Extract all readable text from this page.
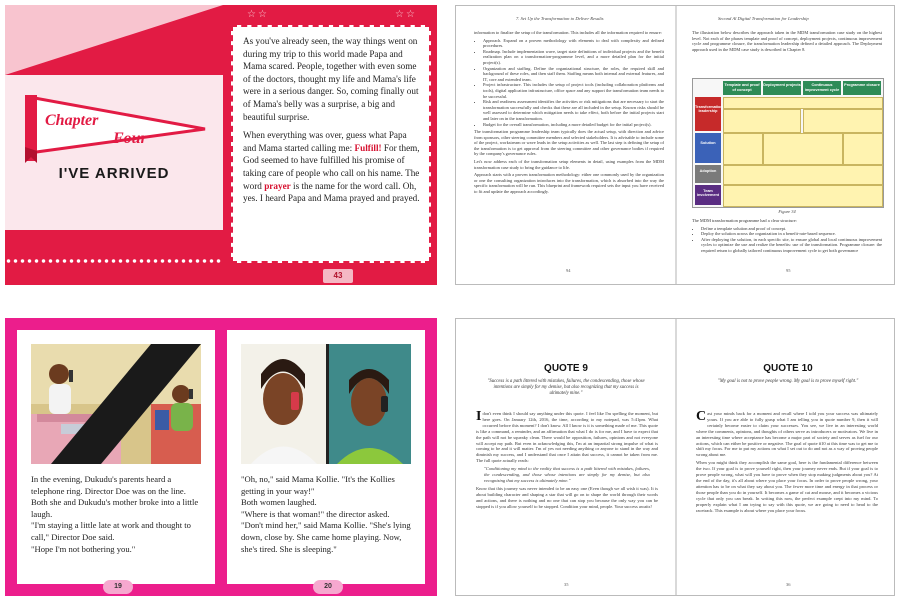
Chapter
Four
I'VE ARRIVED
☆☆	☆☆

As you've already seen, the way things went on during my trip to this world made Papa and Mama scared. People, together with even some of the doctors, thought my life and Mama's life were in a serious danger. So, coming finally out of Mama's belly was a surprise, a big and beautiful surprise.

When everything was over, guess what Papa and Mama started calling me: Fulfill! For them, God seemed to have fulfilled his promise of taking care of people who call on his name. The word prayer is the name for the word call. Oh, yes. I heard Papa and Mama prayed and prayed.

43
7. Set Up the Transformation to Deliver Results	Second Al Digital Transformation for Leadership

information to finalize the setup of the transformation. This includes all the information required to ensure:

• Approach. Expand on a proven methodology with elements to deal with complexity and defined procedures.
• Roadmap. Include implementation wave, target state definitions of individual projects and the benefit realization plan on a transformation-programme level, and a more detailed plan for the initial project(s).
• Organization and staffing. Define the organizational structure, the roles, the required skill and background of these roles, and then staff them. Staffing means both internal and external features, and IT, core and extended team.
• Project infrastructure. This includes the setup of project tools (including collaboration platforms and tools), digital application infrastructure, office space and any support the transformation team needs to be successful.
• Risk and readiness assessment identifies the activities or risk mitigations that are necessary to start the transformation successfully and checks that these are all included in the setup. Known risks should be well assessed to determine which mitigation needs to take effect, both before the initial projects start and later on in the transformation.
• Budget for the overall transformation, including a more detailed budget for the initial project(s).

The transformation programme leadership team typically does the actual setup, with direction and advice from sponsors, other steering committee members and selected stakeholders. It is advisable to include some of the project, workstream or wave leads in the setup activities as well. The last step is defining the setup of the transformation is to get approval from the steering committee and other governance bodies if required by the company's governance rules.

Let's now address each of the transformation setup elements in detail, using examples from the MDM transformation case study to bring the guidance to life.

Approach starts with a proven transformation methodology: either one commonly used by the organization or one the consulting organization introduces into the transformation, which is absorbed into the way the specific transformation will be run. This blueprint and framework required sets the input you have received to fit and update the approach accordingly.

94
The illustration below describes the approach taken in the MDM transformation case study on the highest level. Not each of the phases template and proof of concept, deployment projects, continuous improvement cycle and programme closure, the transformation leadership defined a detailed approach. The Deployment approach used in the MDM case study is described in Chapter 8.
Template and proof of concept
Deployment projects	Continuous improvement cycle
Programme closure
Transformation leadership
Solution
Adoption
Team involvement
Figure 34

The MDM transformation programme had a clear structure:

• Define a template solution and proof of concept.
• Deploy the solution across the organization in a benefit-rate-based sequence.
• After deploying the solution, in each specific site, to ensure global and local continuous improvement cycles to optimize the use and realize the benefits: use of the transformation. Programme closure: the required return to globally tailored continuous improvement cycle to get both governance
95

In the evening, Dukudu's parents heard a telephone ring. Director Doe was on the line.

Both she and Dukudu's mother broke into a little laugh.

"I'm staying a little late at work and thought to call," Director Doe said.

"Hope I'm not bothering you."

19

"Oh, no," said Mama Kollie. "It's the Kollies getting in your way!"

Both women laughed.

"Where is that woman!" the director asked.

"Don't mind her," said Mama Kollie. "She's lying down, close by. She came home playing. Now, she's tired. She is sleeping."

20
QUOTE 9
"Success is a path littered with mistakes, failures, the condescending, those whose intentions are simply for my demise, but also recognizing that my success is ultimately mine."

Idon't even think I should say anything under this quote. I feel like I'm spelling the moment, but here goes. On January 12th, 2016, the time, according to my notepad, was 5:41pm. What occurred before this moment? I don't know. All I know is it is something made of me. This quote is like a command, a reminder, and an affirmation that what I do is for me, and I have to expect that the path will not be squeaky clean. There would be opposition, failures, opinions and not everyone will accept my path. But even in acknowledging this, I'm at an impartial strong impulse of what is coming to be and it will matter. I'm of yes not needing anything or anyone to stand in the way and diminish my success, and I understand that once I attain that success, it cannot be taken from me. The full quote actually reads:

"Conditioning my mind to the reality that success is a path littered with mistakes, failures, the condescending, and those whose intentions are simply for my demise, but also recognizing that my success is ultimately mine."

Know that this journey was never intended to be an easy one (Even though we all wish it was). It is about building character and shaping a star that will go on to shape the world through their words and actions, and there is nothing and no one that can stop you because the only way you can be stopped is if you allow yourself to be stopped. Condition your mind, people. Your success awaits!

35
QUOTE 10
"My goal is not to prove people wrong. My goal is to prove myself right."

Cast your minds back for a moment and recall where I told you your success was ultimately yours. If you are able to fully grasp what I am telling you in quote number 9, then it will certainly become easier to claim your successes. You see, we live in an interesting world where the comments, opinions, and thoughts of others serve as introducers or motivators. We live in an interesting time where acceptance has become a major part of society and serves as fuel for our actions, which can either be positive or negative. The goal of quote #10 at this time was to get me to shift my focus. For me to put my actions on what I set out to do and not as a way of proving people wrong about me.

When you might think they accomplish the same goal, here is the fundamental difference between the two. If your goal is to prove yourself right, then your journey never ends. But if your goal is to prove people wrong, what will you have to prove when they stop making judgments about you? At the end of the day, it's all about where you place your focus. In order to prove people wrong, your attention has to be on what they say about you. The fewer more time and energy in that process or those people than you do in yourself. It becomes a game of cat and mouse, and it becomes a vicious cycle that only you can break. In writing this now, the perfect example crept into my mind. To properly explain what I am trying to say with this quote, we are going to need to head to the racetrack. This example is about where you place your focus.

36
